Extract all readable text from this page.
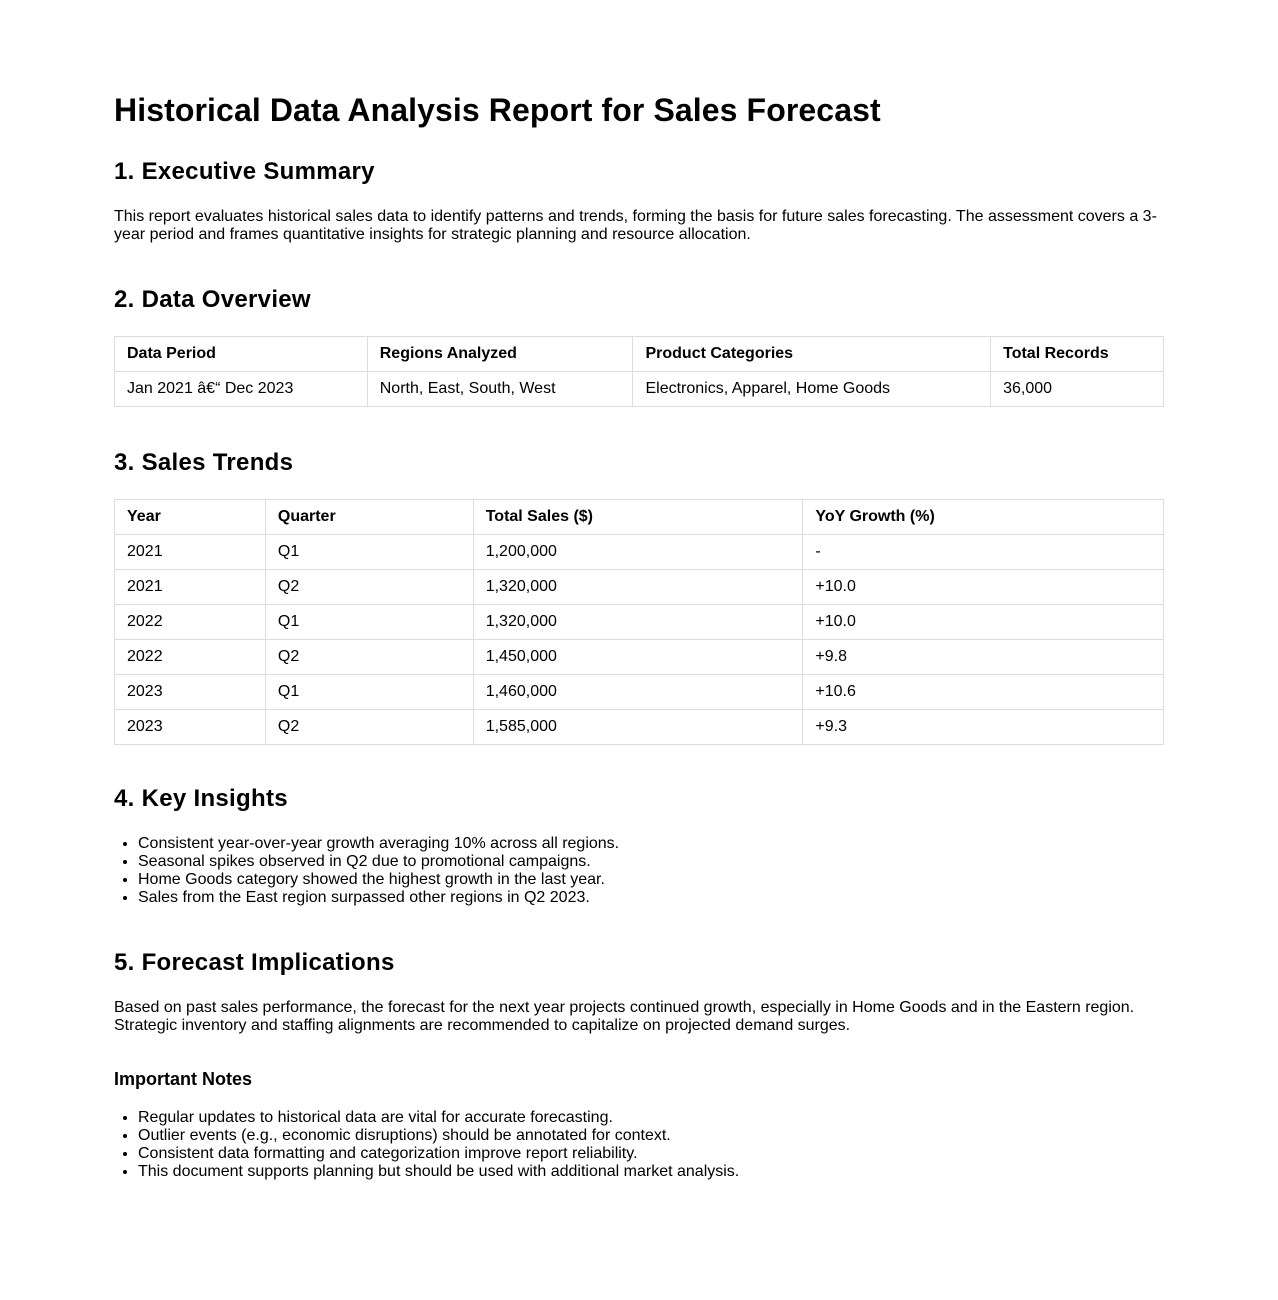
Historical Data Analysis Report for Sales Forecast
1. Executive Summary

This report evaluates historical sales data to identify patterns and trends, forming the basis for future sales forecasting. The assessment covers a 3-year period and frames quantitative insights for strategic planning and resource allocation.

2. Data Overview
Data Period	Regions Analyzed	Product Categories	Total Records
Jan 2021 â€“ Dec 2023	North, East, South, West	Electronics, Apparel, Home Goods	36,000
3. Sales Trends
Year	Quarter	Total Sales ($)	YoY Growth (%)
2021	Q1	1,200,000	-
2021	Q2	1,320,000	+10.0
2022	Q1	1,320,000	+10.0
2022	Q2	1,450,000	+9.8
2023	Q1	1,460,000	+10.6
2023	Q2	1,585,000	+9.3
4. Key Insights
• Consistent year-over-year growth averaging 10% across all regions.
• Seasonal spikes observed in Q2 due to promotional campaigns.
• Home Goods category showed the highest growth in the last year.
• Sales from the East region surpassed other regions in Q2 2023.
5. Forecast Implications

Based on past sales performance, the forecast for the next year projects continued growth, especially in Home Goods and in the Eastern region. Strategic inventory and staffing alignments are recommended to capitalize on projected demand surges.

Important Notes
• Regular updates to historical data are vital for accurate forecasting.
• Outlier events (e.g., economic disruptions) should be annotated for context.
• Consistent data formatting and categorization improve report reliability.
• This document supports planning but should be used with additional market analysis.
